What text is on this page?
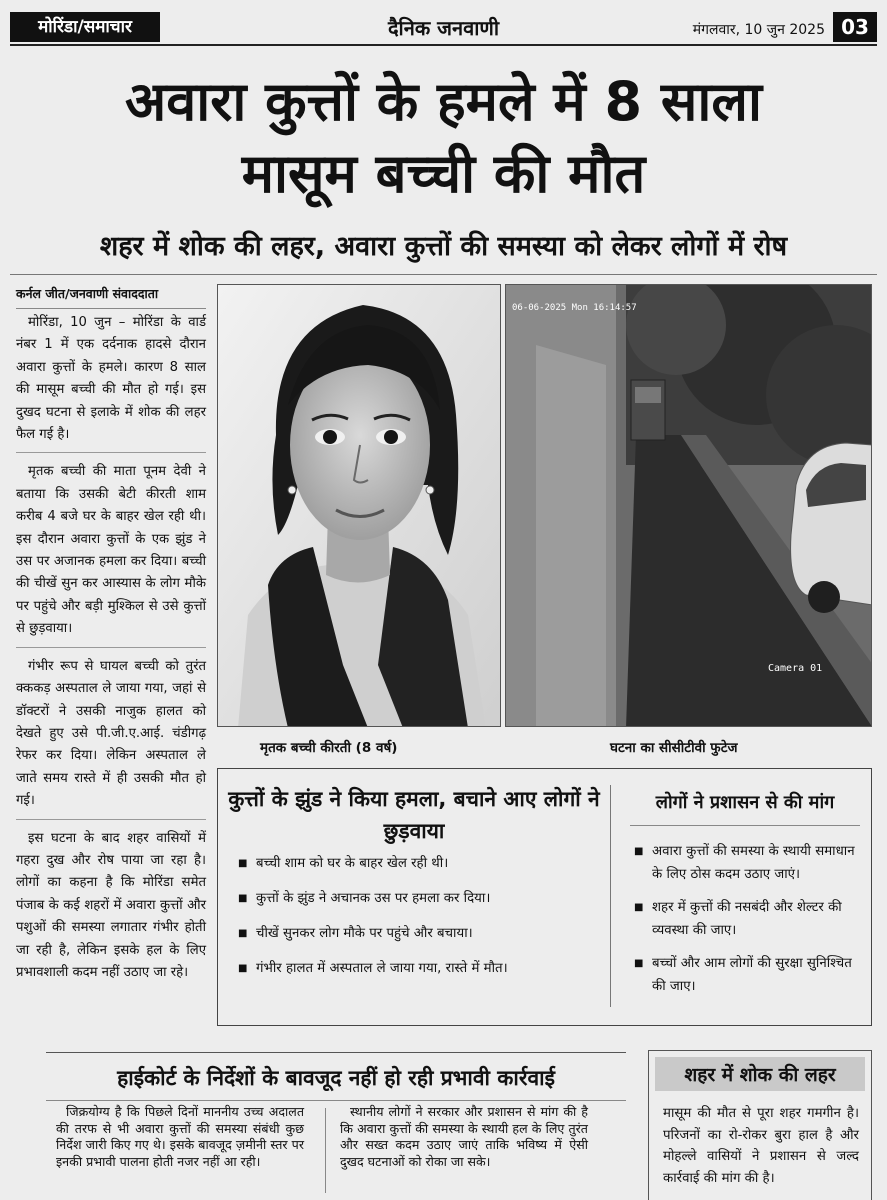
मोरिंडा/समाचार	दैनिक जनवाणी	मंगलवार, 10 जुन 2025 03
अवारा कुत्तों के हमले में 8 साला
मासूम बच्ची की मौत
शहर में शोक की लहर, अवारा कुत्तों की समस्या को लेकर लोगों में रोष
कर्नल जीत/जनवाणी संवाददाता

मोरिंडा, 10 जुन – मोरिंडा के वार्ड नंबर 1 में एक दर्दनाक हादसे दौरान अवारा कुत्तों के हमले। कारण 8 साल की मासूम बच्ची की मौत हो गई। इस दुखद घटना से इलाके में शोक की लहर फैल गई है।

मृतक बच्ची की माता पूनम देवी ने बताया कि उसकी बेटी कीरती शाम करीब 4 बजे घर के बाहर खेल रही थी। इस दौरान अवारा कुत्तों के एक झुंड ने उस पर अजानक हमला कर दिया। बच्ची की चीखें सुन कर आस्यास के लोग मौके पर पहुंचे और बड़ी मुश्किल से उसे कुत्तों से छुड़वाया।

गंभीर रूप से घायल बच्ची को तुरंत क्ककड़ अस्पताल ले जाया गया, जहां से डॉक्टरों ने उसकी नाजुक हालत को देखते हुए उसे पी.जी.ए.आई. चंडीगढ़ रेफर कर दिया। लेकिन अस्पताल ले जाते समय रास्ते में ही उसकी मौत हो गई।

इस घटना के बाद शहर वासियों में गहरा दुख और रोष पाया जा रहा है। लोगों का कहना है कि मोरिंडा समेत पंजाब के कई शहरों में अवारा कुत्तों और पशुओं की समस्या लगातार गंभीर होती जा रही है, लेकिन इसके हल के लिए प्रभावशाली कदम नहीं उठाए जा रहे।

06-06-2025 Mon 16:14:57
Camera 01
मृतक बच्ची कीरती (8 वर्ष)	घटना का सीसीटीवी फुटेज
कुत्तों के झुंड ने किया हमला, बचाने आए लोगों ने छुड़वाया
■ बच्ची शाम को घर के बाहर खेल रही थी।
■ कुत्तों के झुंड ने अचानक उस पर हमला कर दिया।
■ चीखें सुनकर लोग मौके पर पहुंचे और बचाया।
■ गंभीर हालत में अस्पताल ले जाया गया, रास्ते में मौत।
लोगों ने प्रशासन से की मांग
■ अवारा कुत्तों की समस्या के स्थायी समाधान के लिए ठोस कदम उठाए जाएं।
■ शहर में कुत्तों की नसबंदी और शेल्टर की व्यवस्था की जाए।
■ बच्चों और आम लोगों की सुरक्षा सुनिश्चित की जाए।
हाईकोर्ट के निर्देशों के बावजूद नहीं हो रही प्रभावी कार्रवाई

जिक्रयोग्य है कि पिछले दिनों माननीय उच्च अदालत की तरफ से भी अवारा कुत्तों की समस्या संबंधी कुछ निर्देश जारी किए गए थे। इसके बावजूद ज़मीनी स्तर पर इनकी प्रभावी पालना होती नजर नहीं आ रही।

स्थानीय लोगों ने सरकार और प्रशासन से मांग की है कि अवारा कुत्तों की समस्या के स्थायी हल के लिए तुरंत और सख्त कदम उठाए जाएं ताकि भविष्य में ऐसी दुखद घटनाओं को रोका जा सके।

शहर में शोक की लहर

मासूम की मौत से पूरा शहर गमगीन है। परिजनों का रो-रोकर बुरा हाल है और मोहल्ले वासियों ने प्रशासन से जल्द कार्रवाई की मांग की है।
